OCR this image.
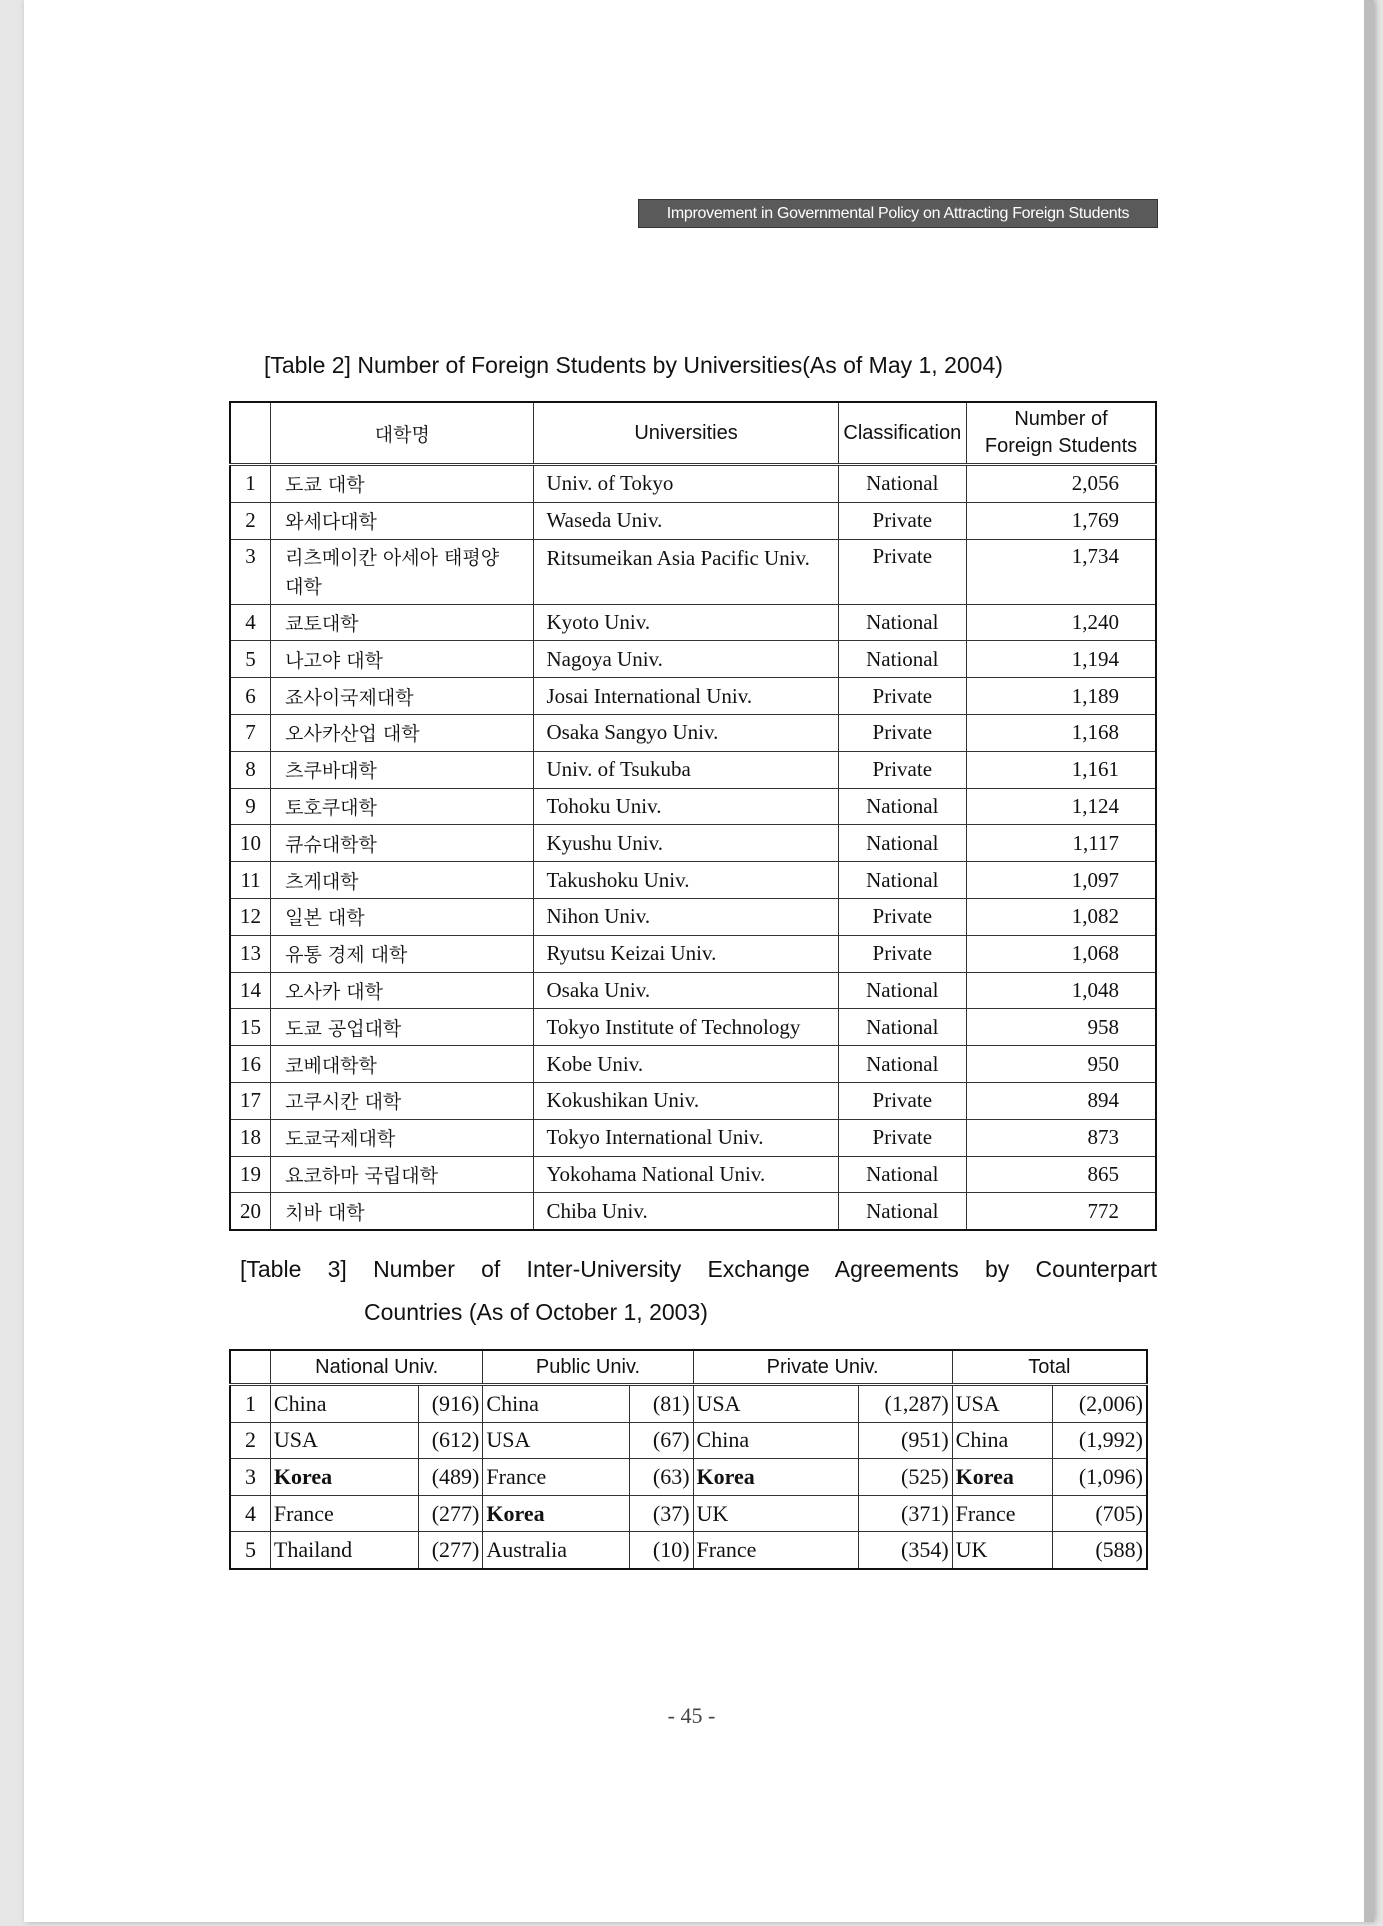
Improvement in Governmental Policy on Attracting Foreign Students
[Table 2] Number of Foreign Students by Universities(As of May 1, 2004)
	대학명	Universities	Classification	Number of
Foreign Students
1	도쿄 대학	Univ. of Tokyo	National	2,056
2	와세다대학	Waseda Univ.	Private	1,769
3	리츠메이칸 아세아 태평양 대학	Ritsumeikan Asia Pacific Univ.	Private	1,734
4	쿄토대학	Kyoto Univ.	National	1,240
5	나고야 대학	Nagoya Univ.	National	1,194
6	죠사이국제대학	Josai International Univ.	Private	1,189
7	오사카산업 대학	Osaka Sangyo Univ.	Private	1,168
8	츠쿠바대학	Univ. of Tsukuba	Private	1,161
9	토호쿠대학	Tohoku Univ.	National	1,124
10	큐슈대학학	Kyushu Univ.	National	1,117
11	츠게대학	Takushoku Univ.	National	1,097
12	일본 대학	Nihon Univ.	Private	1,082
13	유통 경제 대학	Ryutsu Keizai Univ.	Private	1,068
14	오사카 대학	Osaka Univ.	National	1,048
15	도쿄 공업대학	Tokyo Institute of Technology	National	958
16	코베대학학	Kobe Univ.	National	950
17	고쿠시칸 대학	Kokushikan Univ.	Private	894
18	도쿄국제대학	Tokyo International Univ.	Private	873
19	요코하마 국립대학	Yokohama National Univ.	National	865
20	치바 대학	Chiba Univ.	National	772
[Table 3] Number of Inter-University Exchange Agreements by Counterpart
Countries (As of October 1, 2003)
	National Univ.		Public Univ.		Private Univ.		Total	
1	China	(916)	China	(81)	USA	(1,287)	USA	(2,006)
2	USA	(612)	USA	(67)	China	(951)	China	(1,992)
3	Korea	(489)	France	(63)	Korea	(525)	Korea	(1,096)
4	France	(277)	Korea	(37)	UK	(371)	France	(705)
5	Thailand	(277)	Australia	(10)	France	(354)	UK	(588)
- 45 -
